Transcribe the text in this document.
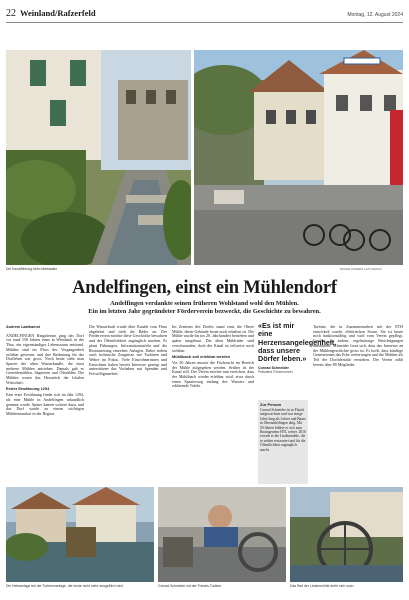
22 Weinland/Rafzerfeld	Montag, 12. August 2024
Die Kanalführung beim Marktplatz	BILDER ANDREW LAATHARGIO
Andelfingen, einst ein Mühlendorf
Andelfingen verdankte seinen früheren Wohlstand wohl den Mühlen.
Ein im letzten Jahr gegründeter Förderverein bezweckt, die Geschichte zu bewahren.
Andrew Laathaeroi

ANDELFINGEN Ringsherum ging das Dorf vor rund 150 Jahren eines in Weinland, in der Thur, ein eigenständiger Lebensraum entstand. Mühlen sind im Fluss der Vergangenheit sichtbar gewesen, und ihre Bedeutung für das Dorfleben war gross. Noch heute sieht man Spuren der alten Wasserkanäle, die einst mehrere Mühlen antrieben. Damals gab es Getreidemühlen, Sägereien und Ölmühlen. Die Mühlen waren das Herzstück der lokalen Wirtschaft.

Erster Erwähnung 1294

Eine erste Erwähnung findet sich im Jahr 1294, als eine Mühle in Andelfingen urkundlich genannt wurde. Später kamen weitere dazu, und das Dorf wurde zu einem wichtigen Mühlenstandort in der Region.

Die Wasserkraft wurde über Kanäle vom Fluss abgeleitet und trieb die Räder an. Der Förderverein möchte diese Geschichte bewahren und der Öffentlichkeit zugänglich machen. Er plant Führungen, Informationstafeln und die Restaurierung einzelner Anlagen. Dabei stehen auch technische Zeugnisse wie Turbinen und Wehre im Fokus. Viele Einwohnerinnen und Einwohner haben bereits Interesse gezeigt und unterstützen das Vorhaben mit Spenden und Freiwilligenarbeit.

Im Zentrum des Dorfes stand einst die Obere Mühle, deren Gebäude heute noch erhalten ist. Die Mühle wurde bis ins 20. Jahrhundert betrieben und später umgebaut. Die alten Mühlräder sind verschwunden, doch der Kanal ist teilweise noch sichtbar.

Mühlibach soll erlebbar werden

Vor 30 Jahren musste die Fischzucht im Bereich der Mühle aufgegeben werden. Seither ist der Kanal still. Der Verein möchte nun erreichen, dass der Mühlibach wieder erlebbar wird, etwa durch einen Spazierweg entlang des Wassers und erklärende Tafeln.

«Es ist mir eine Herzensangelegenheit, dass unsere Dörfer leben.»
Conrad Schneider
Präsident Förderverein
Zur Person
Conrad Schneider ist in Flaach aufgewachsen und war einige Jahre lang als Lehrer und Bauer in Oberandelfingen tätig. Mit 50 Jahren bildete er sich zum Bauingenieur HTL weiter. 2016 erwarb er die Lindenmühle, die er seither restauriert und für die Öffentlichkeit zugänglich macht.

Turbine, die in Zusammenarbeit mit der ETH entwickelt wurde, elektrischen Strom. Sie ist heute noch funktionsfähig und wird vom Verein gepflegt. Geplant ist zudem, regelmässige Besichtigungen anzubieten. Schneider freut sich, dass das Interesse an der Mühlengeschichte gross ist. Er hofft, dass künftige Generationen das Erbe weitertragen und die Mühlen als Teil der Dorfidentität verstehen. Der Verein zählt bereits über 80 Mitglieder.

Die Hebeanlage bei der Turbinenanlage, die heute nicht mehr ausgeführt wird.	Conrad Schneider mit der Franzis-Turbine.	Das Rad der Lindenmühle dreht sich noch.
